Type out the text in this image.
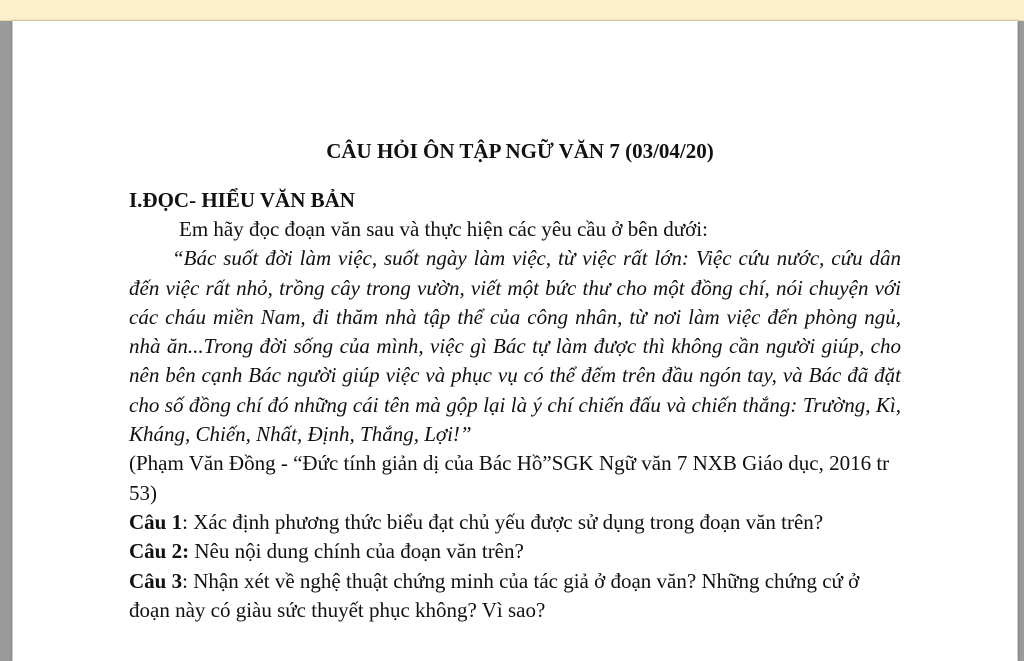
CÂU HỎI ÔN TẬP NGỮ VĂN 7 (03/04/20)
I.ĐỌC- HIỂU VĂN BẢN

Em hãy đọc đoạn văn sau và thực hiện các yêu cầu ở bên dưới:

“Bác suốt đời làm việc, suốt ngày làm việc, từ việc rất lớn: Việc cứu nước, cứu dân đến việc rất nhỏ, trồng cây trong vườn, viết một bức thư cho một đồng chí, nói chuyện với các cháu miền Nam, đi thăm nhà tập thể của công nhân, từ nơi làm việc đến phòng ngủ, nhà ăn...Trong đời sống của mình, việc gì Bác tự làm được thì không cần người giúp, cho nên bên cạnh Bác người giúp việc và phục vụ có thể đếm trên đầu ngón tay, và Bác đã đặt cho số đồng chí đó những cái tên mà gộp lại là ý chí chiến đấu và chiến thắng: Trường, Kì, Kháng, Chiến, Nhất, Định, Thắng, Lợi!”

(Phạm Văn Đồng - “Đức tính giản dị của Bác Hồ”SGK Ngữ văn 7 NXB Giáo dục, 2016 tr 53)

Câu 1: Xác định phương thức biểu đạt chủ yếu được sử dụng trong đoạn văn trên?

Câu 2: Nêu nội dung chính của đoạn văn trên?

Câu 3: Nhận xét về nghệ thuật chứng minh của tác giả ở đoạn văn? Những chứng cứ ở đoạn này có giàu sức thuyết phục không? Vì sao?
